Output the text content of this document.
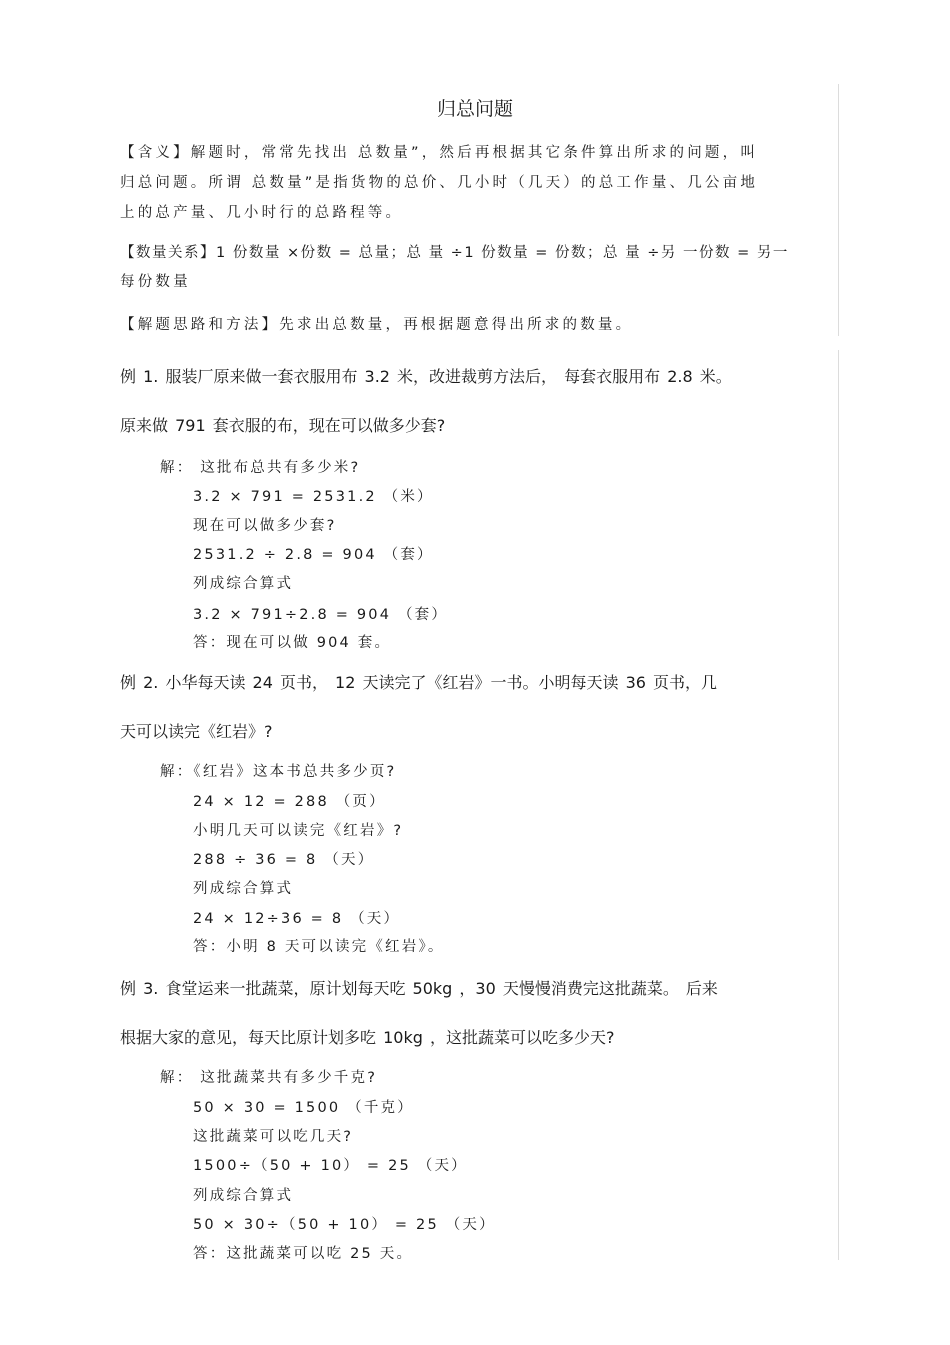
归总问题
【含义】解题时，常常先找出 总数量”，然后再根据其它条件算出所求的问题，叫
归总问题。所谓 总数量”是指货物的总价、几小时（几天）的总工作量、几公亩地
上的总产量、几小时行的总路程等。
【数量关系】1 份数量 ×份数 = 总量；总 量 ÷1 份数量 = 份数；总 量 ÷另 一份数 = 另一
每份数量
【解题思路和方法】先求出总数量，再根据题意得出所求的数量。
例 1. 服装厂原来做一套衣服用布 3.2 米，改进裁剪方法后， 每套衣服用布 2.8 米。
原来做 791 套衣服的布，现在可以做多少套?
解： 这批布总共有多少米?
3.2 × 791 = 2531.2 （米）
现在可以做多少套?
2531.2 ÷ 2.8 = 904 （套）
列成综合算式
3.2 × 791÷2.8 = 904 （套）
答：现在可以做 904 套。
例 2. 小华每天读 24 页书， 12 天读完了《红岩》一书。小明每天读 36 页书，几
天可以读完《红岩》?
解：《红岩》这本书总共多少页?
24 × 12 = 288 （页）
小明几天可以读完《红岩》?
288 ÷ 36 = 8 （天）
列成综合算式
24 × 12÷36 = 8 （天）
答：小明 8 天可以读完《红岩》。
例 3. 食堂运来一批蔬菜，原计划每天吃 50kg ，30 天慢慢消费完这批蔬菜。 后来
根据大家的意见，每天比原计划多吃 10kg ，这批蔬菜可以吃多少天?
解： 这批蔬菜共有多少千克?
50 × 30 = 1500 （千克）
这批蔬菜可以吃几天?
1500÷（50 + 10） = 25 （天）
列成综合算式
50 × 30÷（50 + 10） = 25 （天）
答：这批蔬菜可以吃 25 天。
